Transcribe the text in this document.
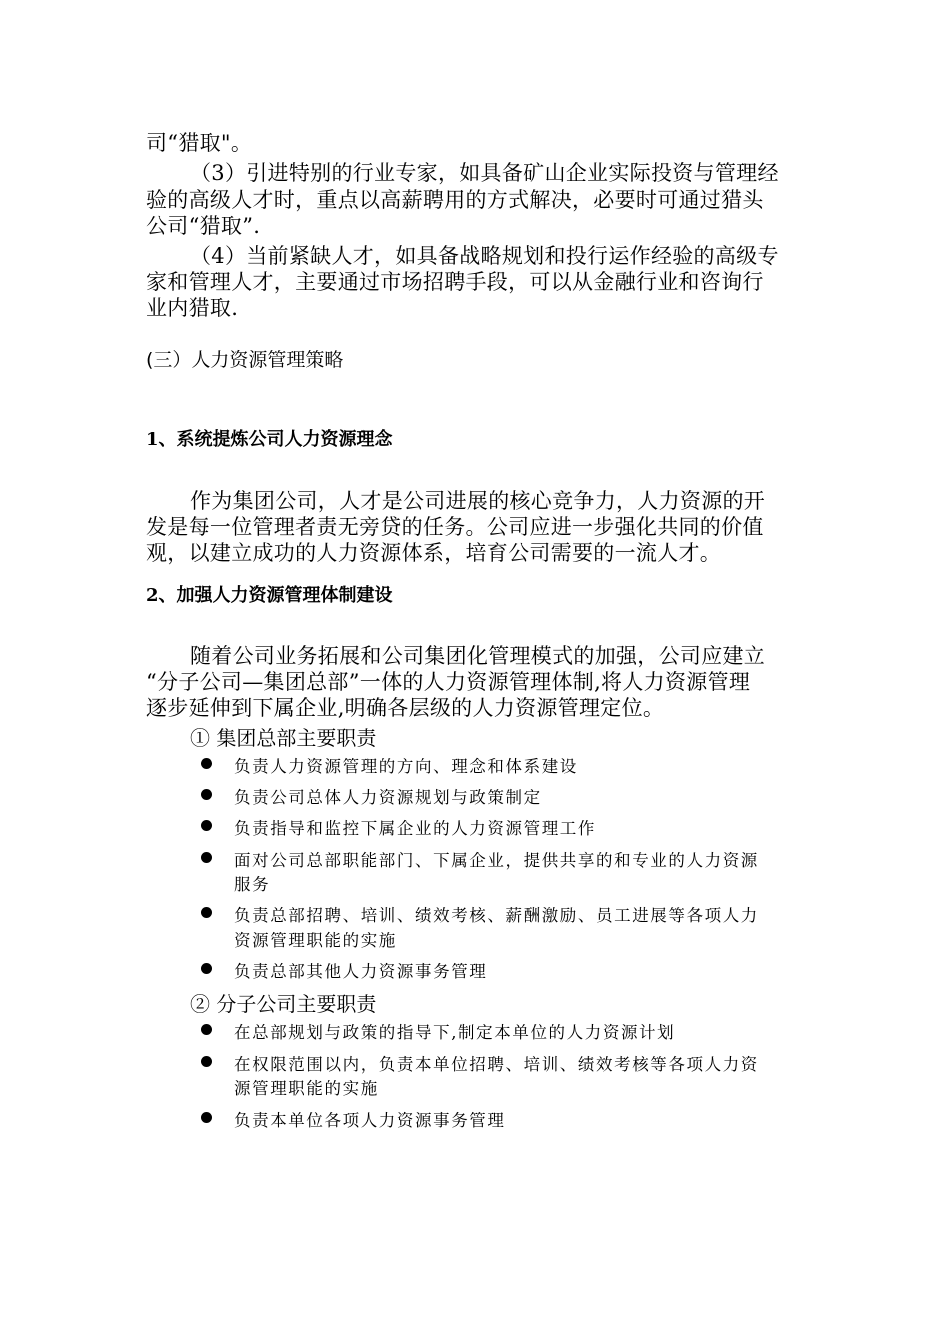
司“猎取"。
（3）引进特别的行业专家，如具备矿山企业实际投资与管理经
验的高级人才时，重点以高薪聘用的方式解决，必要时可通过猎头
公司“猎取”.
（4）当前紧缺人才，如具备战略规划和投行运作经验的高级专
家和管理人才，主要通过市场招聘手段，可以从金融行业和咨询行
业内猎取.
(三）人力资源管理策略
1、系统提炼公司人力资源理念
作为集团公司，人才是公司进展的核心竞争力，人力资源的开
发是每一位管理者责无旁贷的任务。公司应进一步强化共同的价值
观，以建立成功的人力资源体系，培育公司需要的一流人才。
2、加强人力资源管理体制建设
随着公司业务拓展和公司集团化管理模式的加强，公司应建立
“分子公司—集团总部”一体的人力资源管理体制,将人力资源管理
逐步延伸到下属企业,明确各层级的人力资源管理定位。
① 集团总部主要职责
负责人力资源管理的方向、理念和体系建设
负责公司总体人力资源规划与政策制定
负责指导和监控下属企业的人力资源管理工作
面对公司总部职能部门、下属企业，提供共享的和专业的人力资源
服务
负责总部招聘、培训、绩效考核、薪酬激励、员工进展等各项人力
资源管理职能的实施
负责总部其他人力资源事务管理
② 分子公司主要职责
在总部规划与政策的指导下,制定本单位的人力资源计划
在权限范围以内，负责本单位招聘、培训、绩效考核等各项人力资
源管理职能的实施
负责本单位各项人力资源事务管理
